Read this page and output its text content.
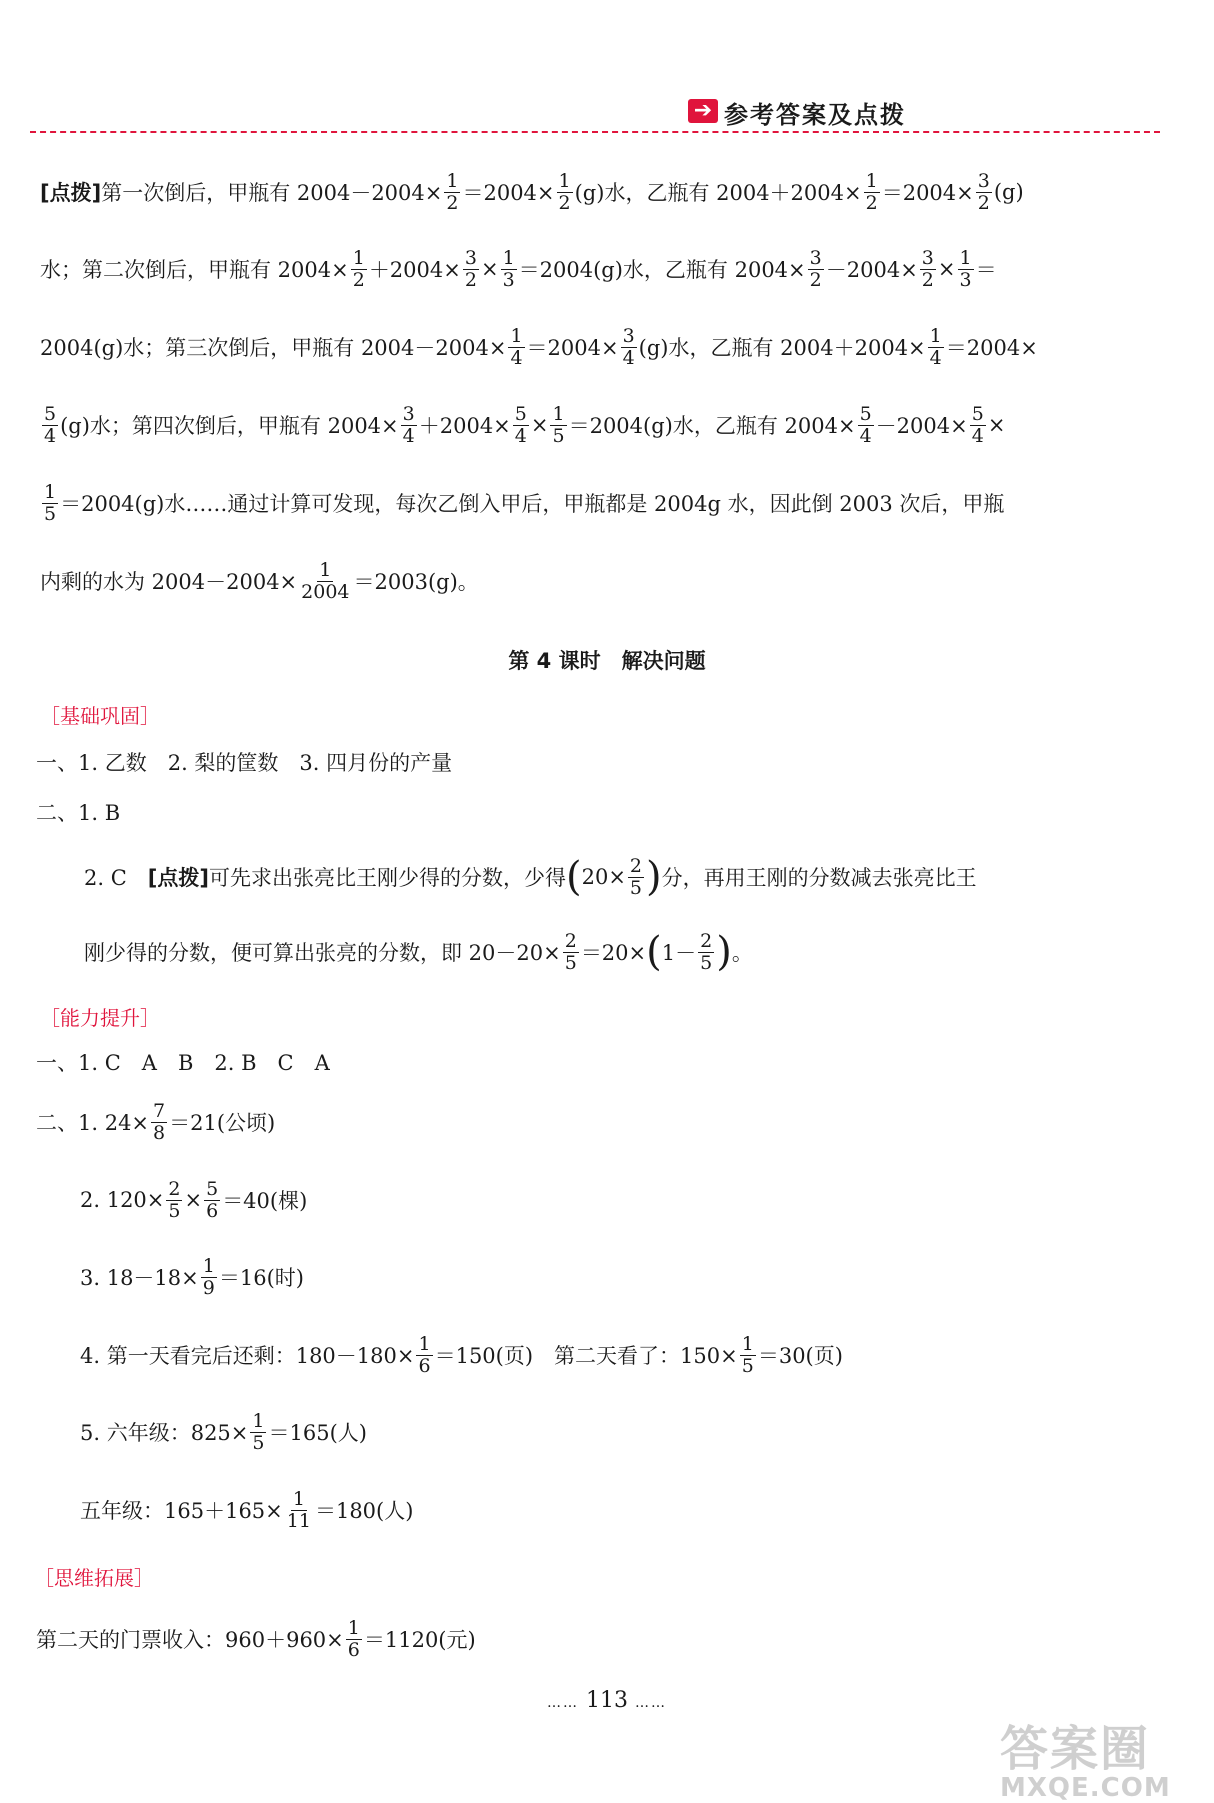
➔ 参考答案及点拨
[点拨] 第一次倒后，甲瓶有 $2004-2004\times \frac{1}{2} =2004\times \frac{1}{2} (g)$水，乙瓶有 $2004+2004\times \frac{1}{2} =2004\times \frac{3}{2} (g)$
水；第二次倒后，甲瓶有 $2004\times \frac{1}{2} +2004\times \frac{3}{2} \times \frac{1}{3} =2004(g)$水，乙瓶有 $2004\times \frac{3}{2} -2004\times \frac{3}{2} \times \frac{1}{3}$ ＝
2004(g)水；第三次倒后，甲瓶有 $2004-2004\times \frac{1}{4} =2004\times \frac{3}{4} (g)$水，乙瓶有 $2004+2004\times \frac{1}{4} =2004\times$
$\frac{5}{4} (g)$水；第四次倒后，甲瓶有 $2004\times \frac{3}{4} +2004\times \frac{5}{4} \times \frac{1}{5} =2004(g)$水，乙瓶有 $2004\times \frac{5}{4} -2004\times \frac{5}{4}$ ×
$\frac{1}{5} =2004(g)$水……通过计算可发现，每次乙倒入甲后，甲瓶都是 2004g 水，因此倒 2003 次后，甲瓶
内剩的水为 $2004-2004\times \frac{1}{2004} =2003(g)$。
第 4 课时　解决问题
［基础巩固］
一、1. 乙数　2. 梨的筐数　3. 四月份的产量
二、1. B
2. C　 [点拨] 可先求出张亮比王刚少得的分数，少得 ( $20\times \frac{2}{5}$ ) 分，再用王刚的分数减去张亮比王
刚少得的分数，便可算出张亮的分数，即 $20-20\times \frac{2}{5} =20\times$ ( $1- \frac{2}{5}$ ) 。
［能力提升］
一、1. C　A　B　2. B　C　A
二、1. $24\times \frac{7}{8} =21$(公顷)
2. $120\times \frac{2}{5} \times \frac{5}{6} =40$(棵)
3. $18-18\times \frac{1}{9} =16$(时)
4. 第一天看完后还剩：$180-180\times \frac{1}{6} =150$(页)　第二天看了：$150\times \frac{1}{5} =30$(页)
5. 六年级：$825\times \frac{1}{5} =165$(人)
五年级：$165+165\times \frac{1}{11} =180$(人)
［思维拓展］
第二天的门票收入：$960+960\times \frac{1}{6} =1120$(元)
…… 113 ……
答案圈
MXQE.COM
